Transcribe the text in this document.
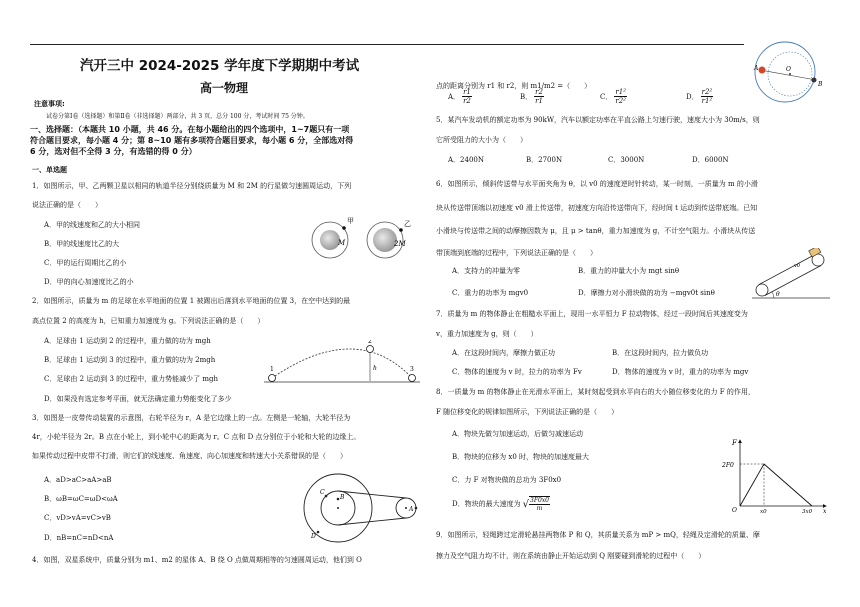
汽开三中 2024-2025 学年度下学期期中考试
高一物理
注意事项:
试卷分第Ⅰ卷（选择题）和第Ⅱ卷（非选择题）两部分，共 3 页，总分 100 分，考试时间 75 分钟。
一、选择题：（本题共 10 小题，共 46 分。在每小题给出的四个选项中，1~7题只有一项
符合题目要求，每小题 4 分；第 8~10 题有多项符合题目要求，每小题 6 分，全部选对得
6 分，选对但不全得 3 分，有选错的得 0 分）
一、单选题
1．如图所示，甲、乙两颗卫星以相同的轨道半径分别绕质量为 M 和 2M 的行星做匀速圆周运动，下列
说法正确的是（　　）
A．甲的线速度和乙的大小相同
B．甲的线速度比乙的大
C．甲的运行周期比乙的小
D．甲的向心加速度比乙的小
甲
M
乙
2M
2．如图所示，质量为 m 的足球在水平地面的位置 1 被踢出后落到水平地面的位置 3，在空中达到的最
高点位置 2 的高度为 h，已知重力加速度为 g。下列说法正确的是（　　）
A．足球由 1 运动到 2 的过程中，重力做的功为 mgh
B．足球由 1 运动到 3 的过程中，重力做的功为 2mgh
C．足球由 2 运动到 3 的过程中，重力势能减少了 mgh
D．如果没有选定参考平面，就无法确定重力势能变化了多少
1
2
3
h
3．如图是一皮带传动装置的示意图，右轮半径为 r，A 是它边缘上的一点。左侧是一轮轴，大轮半径为
4r，小轮半径为 2r。B 点在小轮上，到小轮中心的距离为 r。C 点和 D 点分别位于小轮和大轮的边缘上。
如果传动过程中皮带不打滑，则它们的线速度、角速度、向心加速度和转速大小关系错误的是（　　）
A．aD>aC>aA>aB
B．ωB=ωC=ωD<ωA
C．vD>vA=vC>vB
D．nB=nC=nD<nA
B
C
D
A
4．如图，双星系统中，质量分别为 m1、m2 的星体 A、B 绕 O 点做周期相等的匀速圆周运动，他们到 O
点的距离分别为 r1 和 r2，则 m1/m2 =（　　）
A． $\frac{r1}{r2}$	B． $\frac{r2}{r1}$	C． $\frac{\text{r1²}}{\text{r2²}}$	D． $\frac{\text{r2²}}{\text{r1²}}$
A	O
B
5．某汽车发动机的额定功率为 90kW，汽车以额定功率在平直公路上匀速行驶，速度大小为 30m/s，则
它所受阻力的大小为（　　）
A．2400N	B．2700N	C．3000N	D．6000N
6．如图所示，倾斜传送带与水平面夹角为 θ，以 v0 的速度逆时针转动，某一时刻，一质量为 m 的小滑
块从传送带顶端以初速度 v0 滑上传送带，初速度方向沿传送带向下，经时间 t 运动到传送带底端。已知
小滑块与传送带之间的动摩擦因数为 μ，且 μ > tanθ，重力加速度为 g，不计空气阻力。小滑块从传送
带顶端到底端的过程中，下列说法正确的是（　　）
A．支持力的冲量为零	B．重力的冲量大小为 mgt sinθ
C．重力的功率为 mgv0	D．摩擦力对小滑块做的功为 −mgv0t sinθ	θ
v0
7．质量为 m 的物体静止在粗糙水平面上，现用一水平恒力 F 拉动物体，经过一段时间后其速度变为
v，重力加速度为 g，则（　　）
A．在这段时间内，摩擦力做正功	B．在这段时间内，拉力做负功
C．物体的速度为 v 时，拉力的功率为 Fv	D．物体的速度为 v 时，重力的功率为 mgv
8．一质量为 m 的物体静止在光滑水平面上，某时刻起受到水平向右的大小随位移变化的力 F 的作用，
F 随位移变化的规律如图所示，下列说法正确的是（　　）
A．物块先做匀加速运动，后做匀减速运动
B．物块的位移为 x0 时，物块的加速度最大
C．力 F 对物块做的总功为 3F0x0
D．物块的最大速度为 √ $\frac{3F0x0}{m}$
F
2F0
O	x0	3x0 x
9．如图所示，轻绳跨过定滑轮悬挂两物体 P 和 Q，其质量关系为 mP > mQ，轻绳及定滑轮的质量、摩
擦力及空气阻力均不计，则在系统由静止开始运动到 Q 刚要碰到滑轮的过程中（　　）
